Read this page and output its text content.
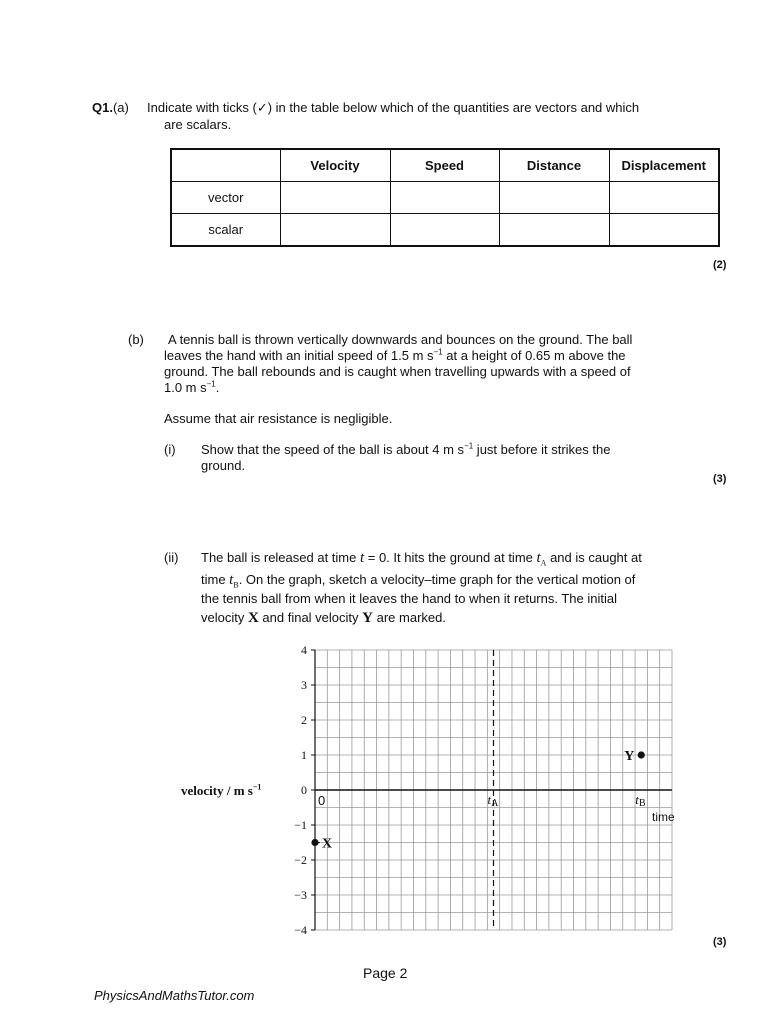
Q1.(a) Indicate with ticks (✓) in the table below which of the quantities are vectors and which
are scalars.
	Velocity	Speed	Distance	Displacement
vector				
scalar				
(2)
(b) A tennis ball is thrown vertically downwards and bounces on the ground. The ball
leaves the hand with an initial speed of 1.5 m $s^{-1}$ at a height of 0.65 m above the
ground. The ball rebounds and is caught when travelling upwards with a speed of
1.0 m $s^{-1}$.
Assume that air resistance is negligible.
(i) Show that the speed of the ball is about 4 m $s^{-1}$ just before it strikes the
ground.
(3)
(ii) The ball is released at time t = 0. It hits the ground at time $t_A$ and is caught at
time $t_B$. On the graph, sketch a velocity–time graph for the vertical motion of
the tennis ball from when it leaves the hand to when it returns. The initial
velocity X and final velocity Y are marked.
velocity / m $s^{-1}$
4
3
2
1
0
−1
−2
−3
−4
0	tA	tB
time
X
Y
(3)
Page 2
PhysicsAndMathsTutor.com
